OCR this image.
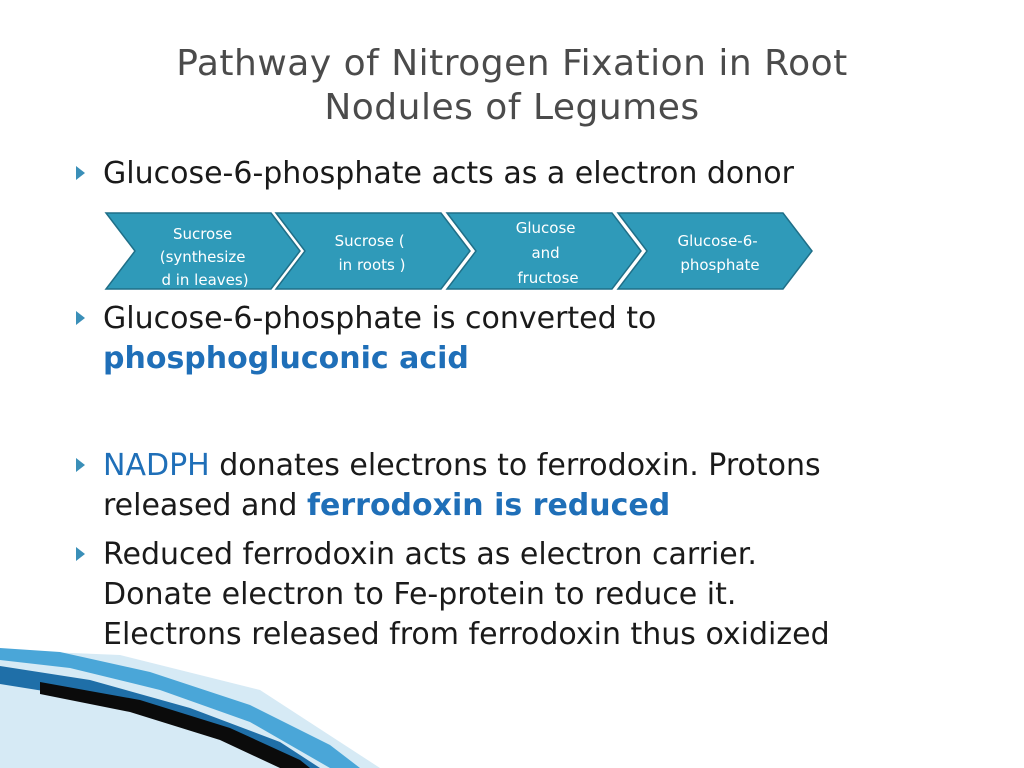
Pathway of Nitrogen Fixation in Root
Nodules of Legumes
Glucose-6-phosphate acts as a electron donor
Sucrose (synthesize d in leaves)
Sucrose ( in roots )
Glucose and fructose
Glucose-6- phosphate
Glucose-6-phosphate is converted to
phosphogluconic acid
NADPH donates electrons to ferrodoxin. Protons
released and ferrodoxin is reduced
Reduced ferrodoxin acts as electron carrier.
Donate electron to Fe-protein to reduce it.
Electrons released from ferrodoxin thus oxidized
